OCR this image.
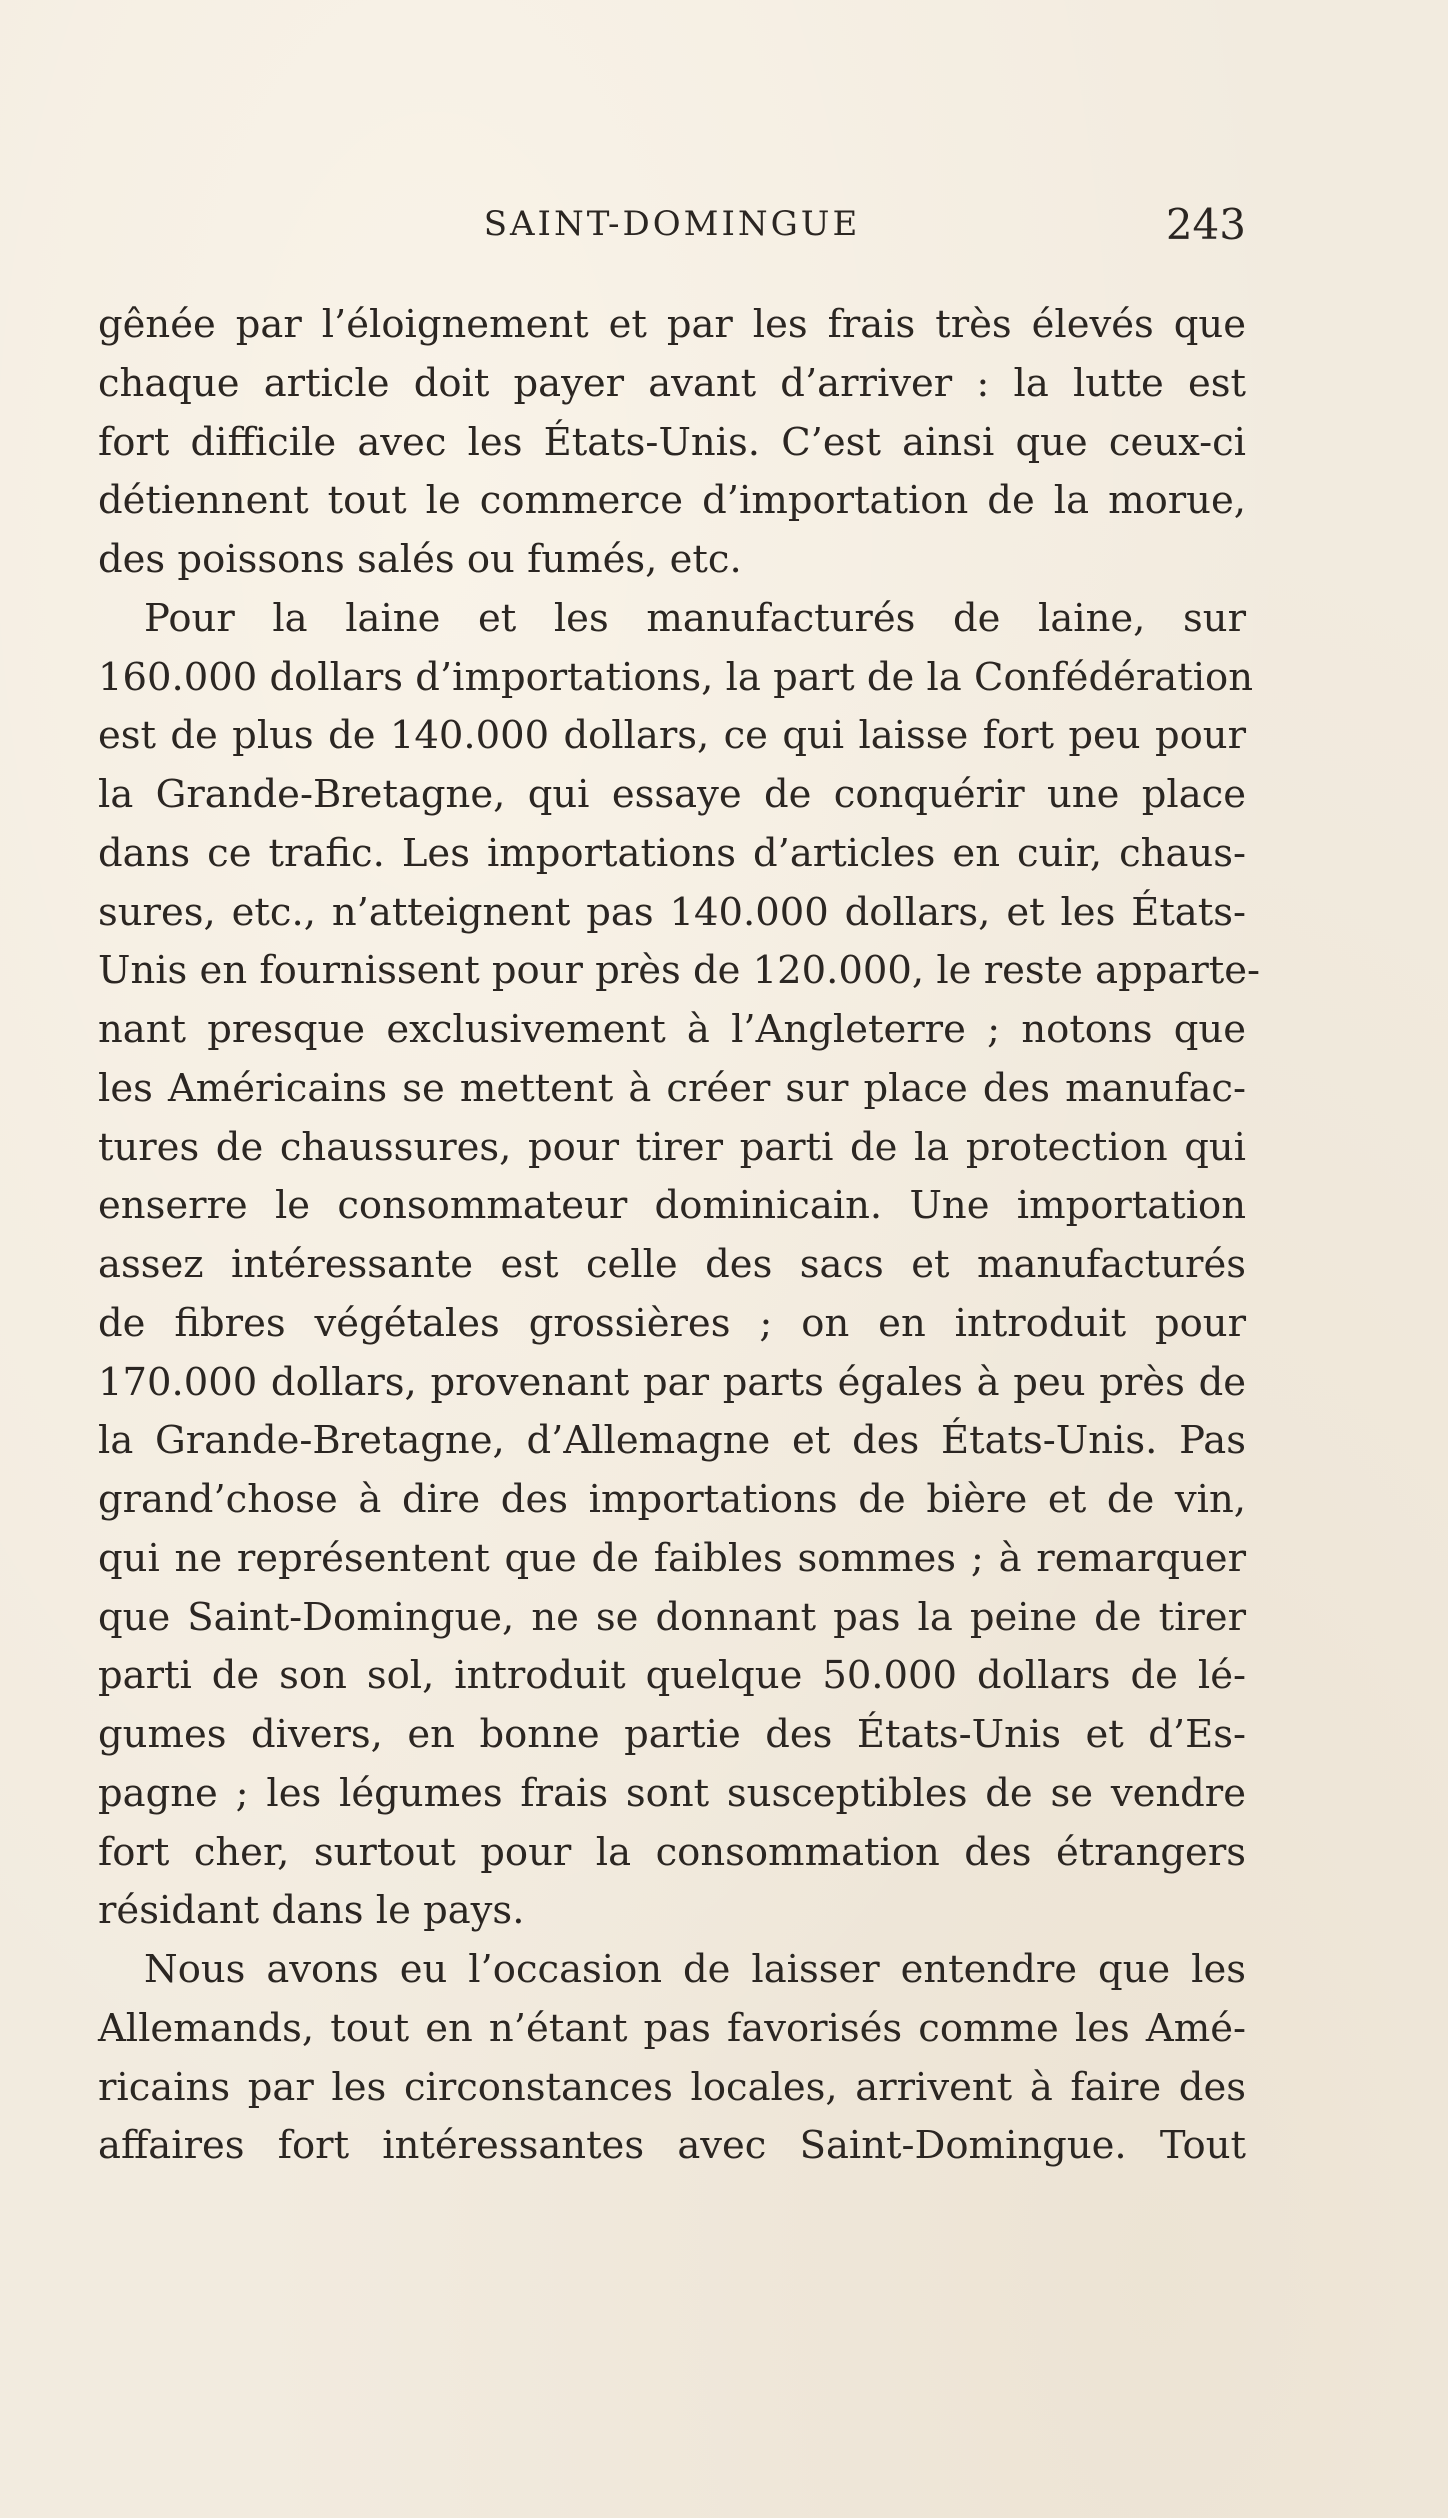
SAINT-DOMINGUE	243
gênée par l’éloignement et par les frais très élevés que
chaque article doit payer avant d’arriver : la lutte est
fort difficile avec les États-Unis. C’est ainsi que ceux-ci
détiennent tout le commerce d’importation de la morue,
des poissons salés ou fumés, etc.
Pour la laine et les manufacturés de laine, sur
160.000 dollars d’importations, la part de la Confédération
est de plus de 140.000 dollars, ce qui laisse fort peu pour
la Grande-Bretagne, qui essaye de conquérir une place
dans ce trafic. Les importations d’articles en cuir, chaus-
sures, etc., n’atteignent pas 140.000 dollars, et les États-
Unis en fournissent pour près de 120.000, le reste apparte-
nant presque exclusivement à l’Angleterre ; notons que
les Américains se mettent à créer sur place des manufac-
tures de chaussures, pour tirer parti de la protection qui
enserre le consommateur dominicain. Une importation
assez intéressante est celle des sacs et manufacturés
de fibres végétales grossières ; on en introduit pour
170.000 dollars, provenant par parts égales à peu près de
la Grande-Bretagne, d’Allemagne et des États-Unis. Pas
grand’chose à dire des importations de bière et de vin,
qui ne représentent que de faibles sommes ; à remarquer
que Saint-Domingue, ne se donnant pas la peine de tirer
parti de son sol, introduit quelque 50.000 dollars de lé-
gumes divers, en bonne partie des États-Unis et d’Es-
pagne ; les légumes frais sont susceptibles de se vendre
fort cher, surtout pour la consommation des étrangers
résidant dans le pays.
Nous avons eu l’occasion de laisser entendre que les
Allemands, tout en n’étant pas favorisés comme les Amé-
ricains par les circonstances locales, arrivent à faire des
affaires fort intéressantes avec Saint-Domingue. Tout
